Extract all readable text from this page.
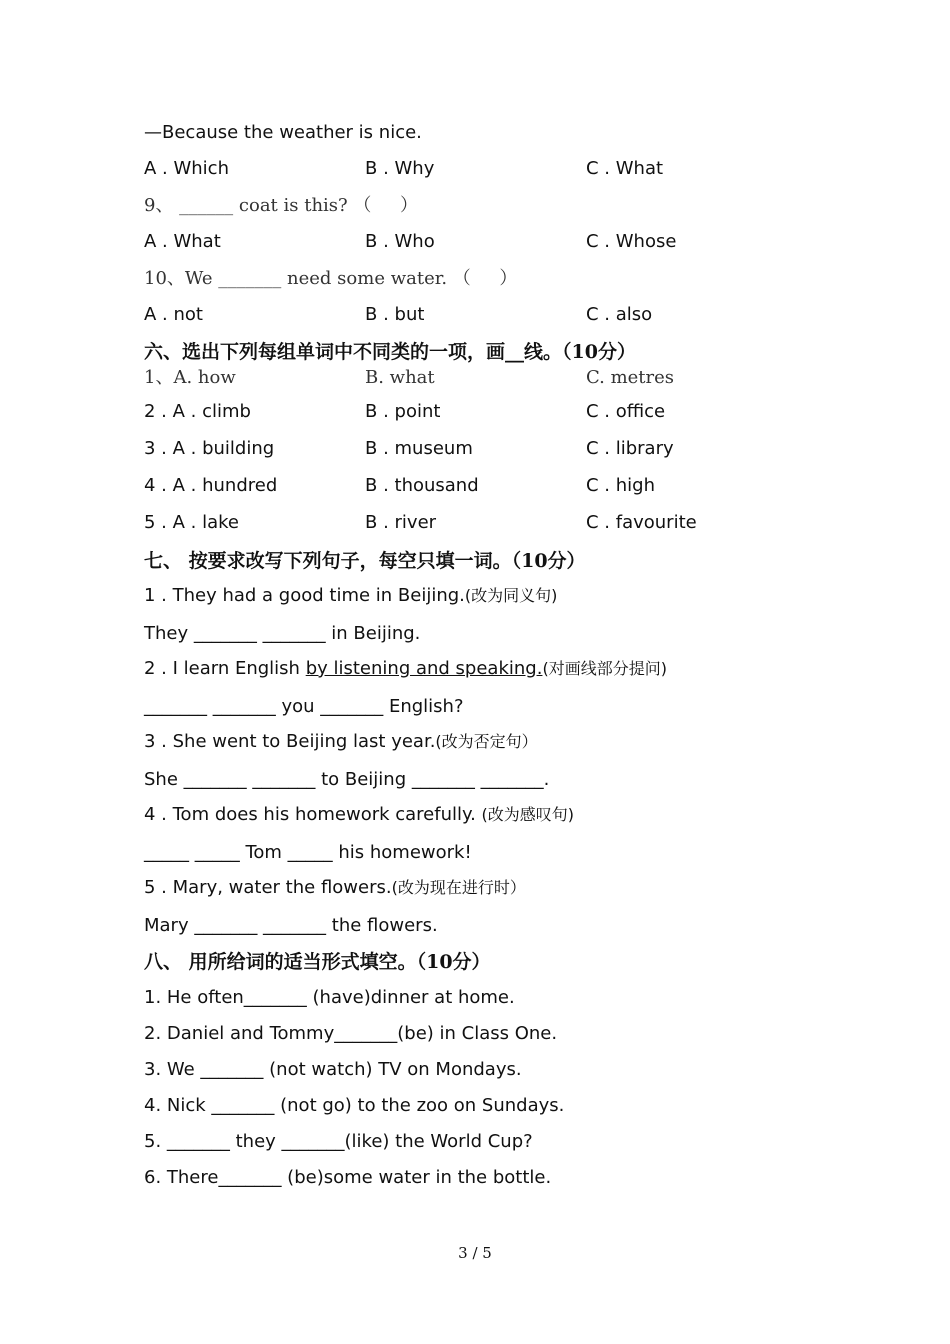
—Because the weather is nice.
A . Which	B . Why	C . What
9、 ______ coat is this? （     ）
A . What	B . Who	C . Whose
10、We _______ need some water. （     ）
A . not	B . but	C . also
六、选出下列每组单词中不同类的一项，画__线。（10分）
1、A. how	B. what	C. metres
2 . A . climb	B . point	C . office
3 . A . building	B . museum	C . library
4 . A . hundred	B . thousand	C . high
5 . A . lake	B . river	C . favourite
七、 按要求改写下列句子，每空只填一词。（10分）
1 . They had a good time in Beijing.(改为同义句)
They _______ _______ in Beijing.
2 . I learn English by listening and speaking.(对画线部分提问)
_______ _______ you _______ English?
3 . She went to Beijing last year.(改为否定句）
She _______ _______ to Beijing _______ _______.
4 . Tom does his homework carefully. (改为感叹句)
_____ _____ Tom _____ his homework!
5 . Mary, water the flowers.(改为现在进行时）
Mary _______ _______ the flowers.
八、 用所给词的适当形式填空。（10分）
1. He often_______ (have)dinner at home.
2. Daniel and Tommy_______(be) in Class One.
3. We _______ (not watch) TV on Mondays.
4. Nick _______ (not go) to the zoo on Sundays.
5. _______ they _______(like) the World Cup?
6. There_______ (be)some water in the bottle.
3 / 5
